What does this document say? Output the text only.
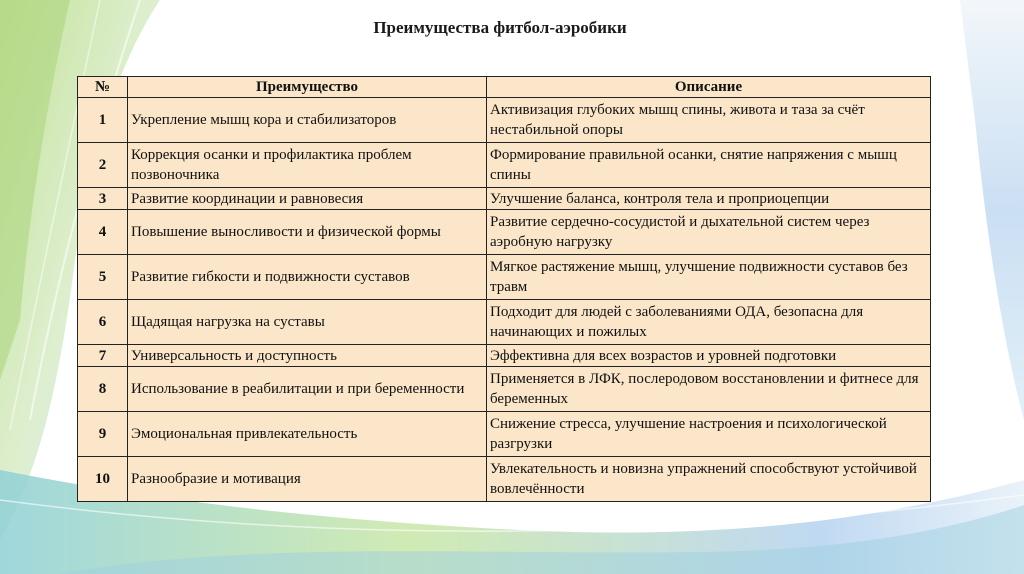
Преимущества фитбол-аэробики
№	Преимущество	Описание
1	Укрепление мышц кора и стабилизаторов	Активизация глубоких мышц спины, живота и таза за счёт нестабильной опоры
2	Коррекция осанки и профилактика проблем позвоночника	Формирование правильной осанки, снятие напряжения с мышц спины
3	Развитие координации и равновесия	Улучшение баланса, контроля тела и проприоцепции
4	Повышение выносливости и физической формы	Развитие сердечно-сосудистой и дыхательной систем через аэробную нагрузку
5	Развитие гибкости и подвижности суставов	Мягкое растяжение мышц, улучшение подвижности суставов без травм
6	Щадящая нагрузка на суставы	Подходит для людей с заболеваниями ОДА, безопасна для начинающих и пожилых
7	Универсальность и доступность	Эффективна для всех возрастов и уровней подготовки
8	Использование в реабилитации и при беременности	Применяется в ЛФК, послеродовом восстановлении и фитнесе для беременных
9	Эмоциональная привлекательность	Снижение стресса, улучшение настроения и психологической разгрузки
10	Разнообразие и мотивация	Увлекательность и новизна упражнений способствуют устойчивой вовлечённости
